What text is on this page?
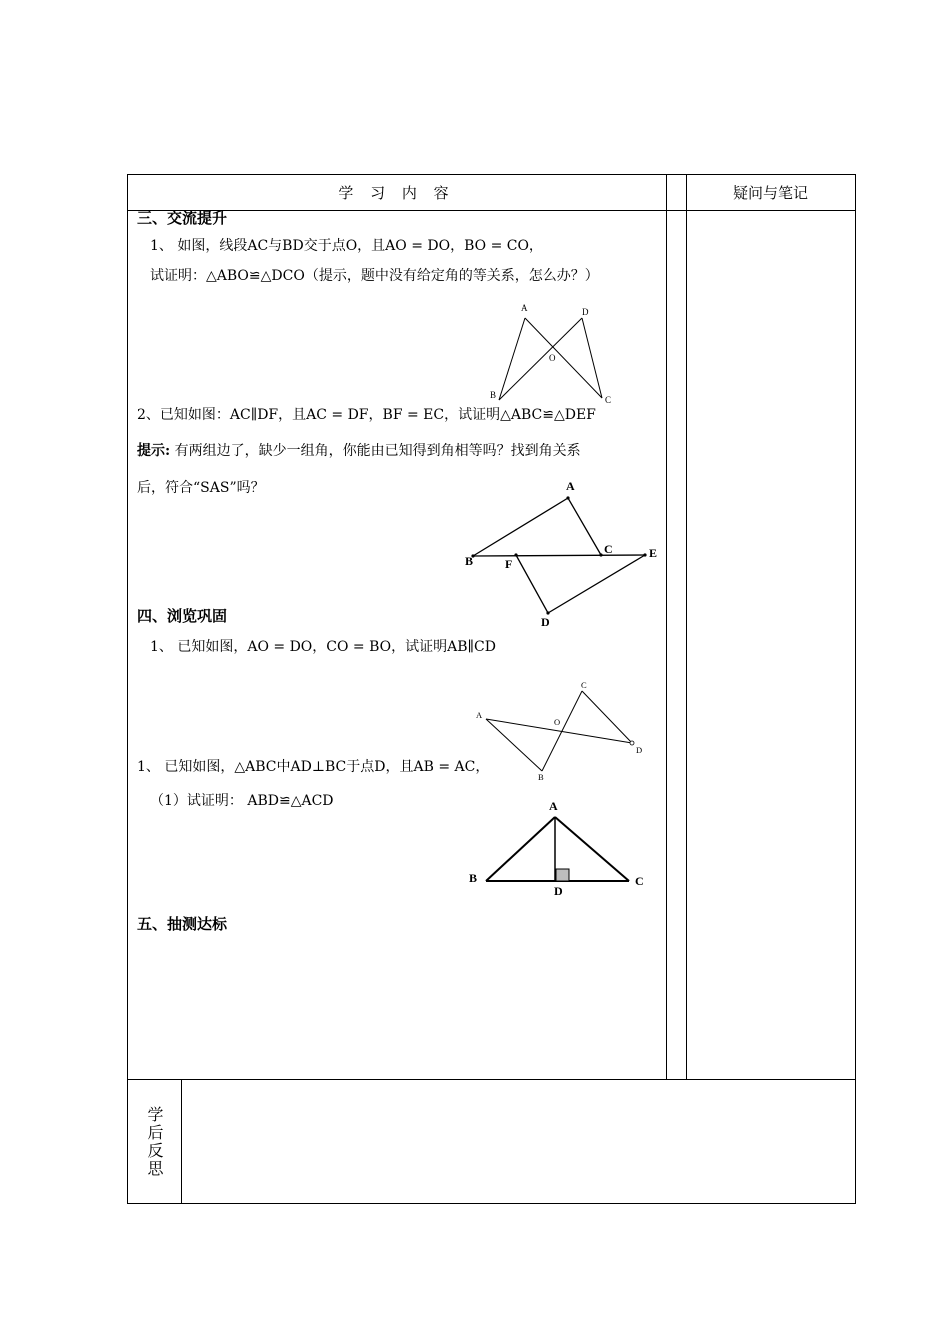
学 习 内 容	疑问与笔记
三、交流提升
1、 如图，线段AC与BD交于点O，且AO = DO，BO = CO，
试证明：△ABO≌△DCO（提示，题中没有给定角的等关系，怎么办？）
A	D
O
B	C
2、已知如图：AC∥DF，且AC = DF，BF = EC，试证明△ABC≌△DEF
提示: 有两组边了，缺少一组角，你能由已知得到角相等吗？找到角关系
后，符合“SAS”吗？	A
B
C	E
F
D
四、浏览巩固
1、 已知如图，AO = DO，CO = BO，试证明AB∥CD
A
C
O
D
B
1、 已知如图，△ABC中AD⊥BC于点D，且AB = AC，
（1）试证明： ABD≌△ACD	A
B
D
C
五、抽测达标
学后反思
